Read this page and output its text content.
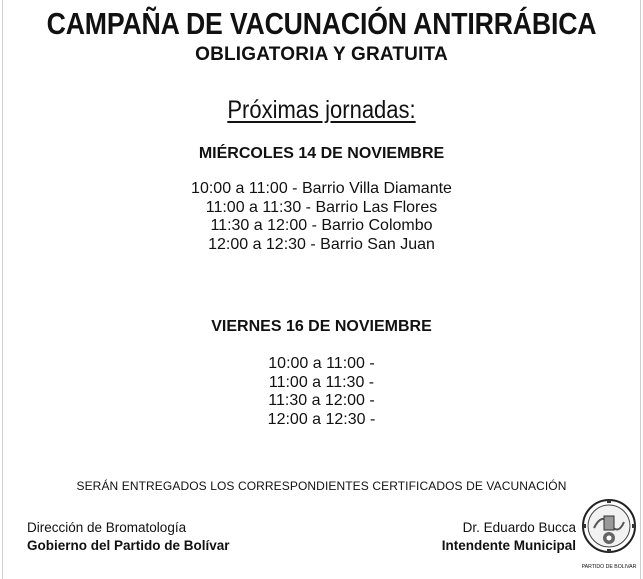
CAMPAÑA DE VACUNACIÓN ANTIRRÁBICA
OBLIGATORIA Y GRATUITA
Próximas jornadas:
MIÉRCOLES 14 DE NOVIEMBRE
10:00 a 11:00 - Barrio Villa Diamante
11:00 a 11:30 - Barrio Las Flores
11:30 a 12:00 - Barrio Colombo
12:00 a 12:30 - Barrio San Juan
VIERNES 16 DE NOVIEMBRE
10:00 a 11:00 -
11:00 a 11:30 -
11:30 a 12:00 -
12:00 a 12:30 -
SERÁN ENTREGADOS LOS CORRESPONDIENTES CERTIFICADOS DE VACUNACIÓN
Dirección de Bromatología
Gobierno del Partido de Bolívar
Dr. Eduardo Bucca
Intendente Municipal
PARTIDO DE BOLIVAR
